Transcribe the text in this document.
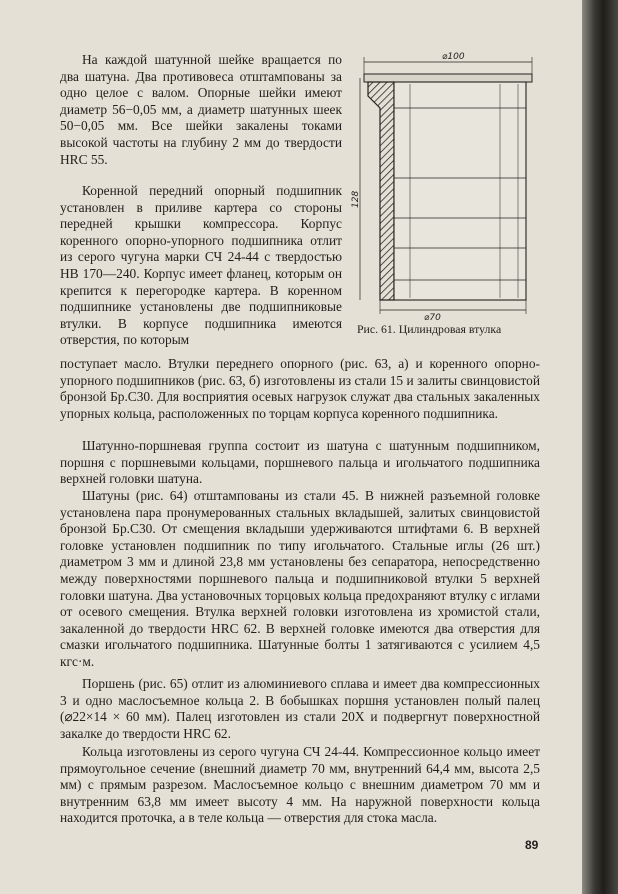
На каждой шатунной шейке вращается по два шатуна. Два противовеса отштампованы за одно целое с валом. Опорные шейки имеют диаметр 56−0,05 мм, а диаметр шатунных шеек 50−0,05 мм. Все шейки закалены токами высокой частоты на глубину 2 мм до твердости HRC 55.

Коренной передний опорный подшипник установлен в приливе картера со стороны передней крышки компрессора. Корпус коренного опорно-упорного подшипника отлит из серого чугуна марки СЧ 24-44 с твердостью НВ 170—240. Корпус имеет фланец, которым он крепится к перегородке картера. В коренном подшипнике установлены две подшипниковые втулки. В корпусе подшипника имеются отверстия, по которым

поступает масло. Втулки переднего опорного (рис. 63, а) и коренного опорно-упорного подшипников (рис. 63, б) изготовлены из стали 15 и залиты свинцовистой бронзой Бр.С30. Для восприятия осевых нагрузок служат два стальных закаленных упорных кольца, расположенных по торцам корпуса коренного подшипника.

Шатунно-поршневая группа состоит из шатуна с шатунным подшипником, поршня с поршневыми кольцами, поршневого пальца и игольчатого подшипника верхней головки шатуна.

Шатуны (рис. 64) отштампованы из стали 45. В нижней разъемной головке установлена пара пронумерованных стальных вкладышей, залитых свинцовистой бронзой Бр.С30. От смещения вкладыши удерживаются штифтами 6. В верхней головке установлен подшипник по типу игольчатого. Стальные иглы (26 шт.) диаметром 3 мм и длиной 23,8 мм установлены без сепаратора, непосредственно между поверхностями поршневого пальца и подшипниковой втулки 5 верхней головки шатуна. Два установочных торцовых кольца предохраняют втулку с иглами от осевого смещения. Втулка верхней головки изготовлена из хромистой стали, закаленной до твердости HRC 62. В верхней головке имеются два отверстия для смазки игольчатого подшипника. Шатунные болты 1 затягиваются с усилием 4,5 кгс·м.

Поршень (рис. 65) отлит из алюминиевого сплава и имеет два компрессионных 3 и одно маслосъемное кольца 2. В бобышках поршня установлен полый палец (⌀22×14 × 60 мм). Палец изготовлен из стали 20Х и подвергнут поверхностной закалке до твердости HRC 62.

Кольца изготовлены из серого чугуна СЧ 24-44. Компрессионное кольцо имеет прямоугольное сечение (внешний диаметр 70 мм, внутренний 64,4 мм, высота 2,5 мм) с прямым разрезом. Маслосъемное кольцо с внешним диаметром 70 мм и внутренним 63,8 мм имеет высоту 4 мм. На наружной поверхности кольца находится проточка, а в теле кольца — отверстия для стока масла.

⌀100
128
⌀70
Рис. 61. Цилиндровая втулка
89
